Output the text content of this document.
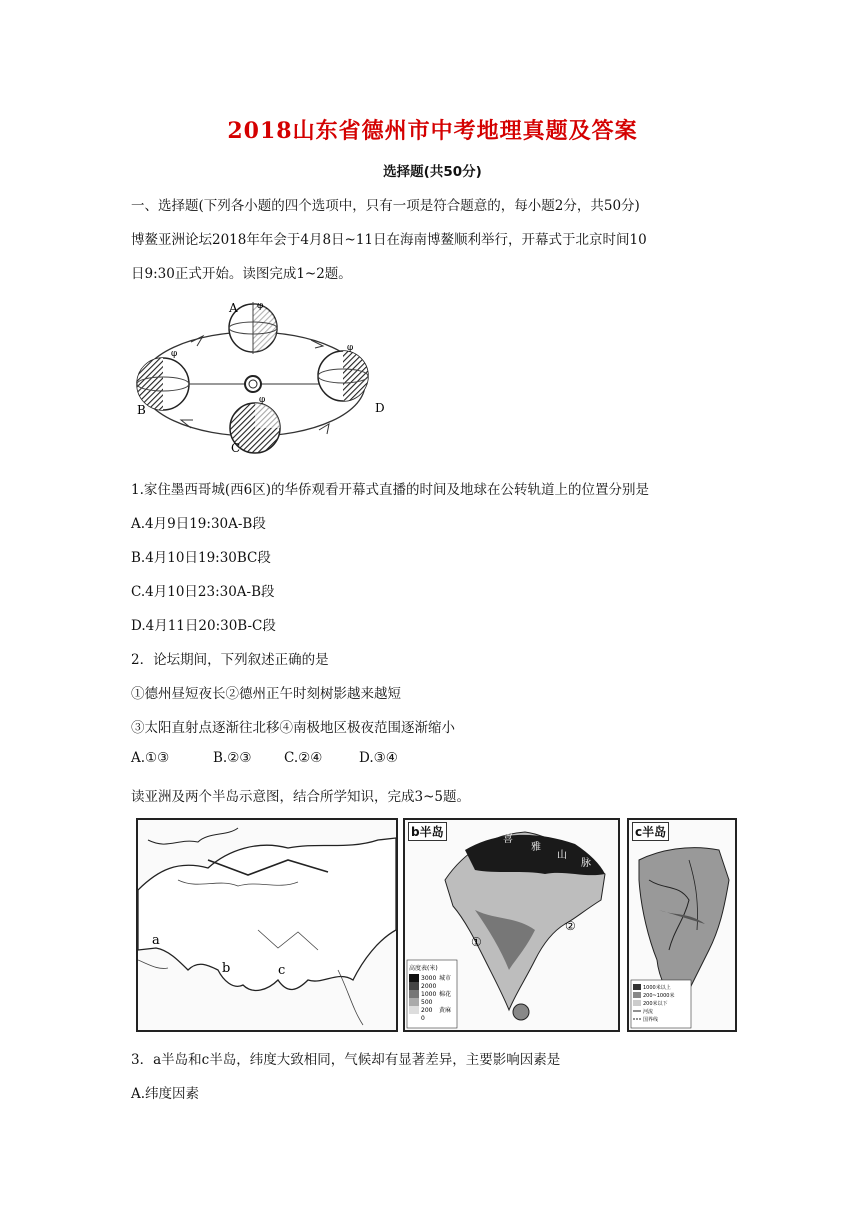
2018山东省德州市中考地理真题及答案
选择题(共50分)
一、选择题(下列各小题的四个选项中，只有一项是符合题意的，每小题2分，共50分)
博鳌亚洲论坛2018年年会于4月8日~11日在海南博鳌顺利举行，开幕式于北京时间10
日9:30正式开始。读图完成1~2题。
A
B
C
D
φ
φ
φ
φ
1.家住墨西哥城(西6区)的华侨观看开幕式直播的时间及地球在公转轨道上的位置分别是
A.4月9日19:30A-B段
B.4月10日19:30BC段
C.4月10日23:30A-B段
D.4月11日20:30B-C段
2．论坛期间，下列叙述正确的是
①德州昼短夜长②德州正午时刻树影越来越短
③太阳直射点逐渐往北移④南极地区极夜范围逐渐缩小
A.①③	B.②③ C.②④	D.③④
读亚洲及两个半岛示意图，结合所学知识，完成3~5题。
a
b	c
b半岛
①
②
喜
雅
山
脉
高度表(米)
3000
2000
1000
500
200
0
城市
棉花
黄麻
c半岛
1000米以上
200~1000米
200米以下
河流
国界线
3．a半岛和c半岛，纬度大致相同，气候却有显著差异，主要影响因素是
A.纬度因素
